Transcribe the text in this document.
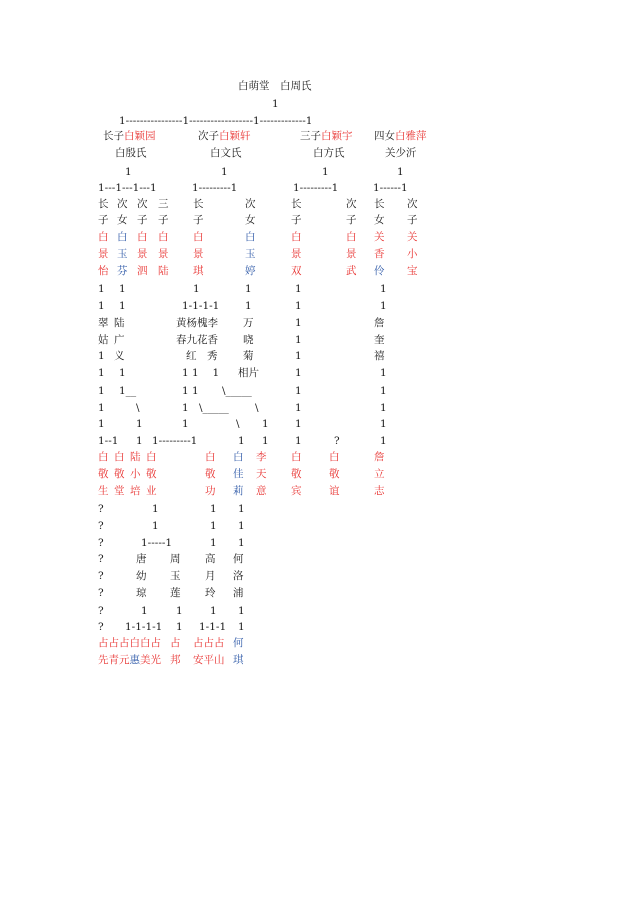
白萌堂　白周氏
1
1----------------1------------------1-------------1
长子白颖园	次子白颖轩	三子白颖宇 四女白雅萍
白殷氏	白文氏	白方氏	关少沂
1	1	1	1
1---1---1---1	1---------1	1---------1	1------1
长 次 次 三 长	次	长	次 长 次
子 女 子 子 子	女	子	子 女 子
白 白 白 白 白	白	白	白 关 关
景 玉 景 景 景	玉	景	景 香 小
怡 芬 泗 陆 琪	婷	双	武 伶 宝
1 1	1	1	1	1
1 1	1-1-1-1 1	1	1
翠 陆	黄杨槐李 万	1	詹
姑 广	春九花香 哓	1	奎
1 义	红　秀 菊	1	禧
1 1	1 1　 1 相片	1	1
1 1__	1 1 \_____	1	1
1	\	1 \_____ \	1	1
1	1	1	\ 1	1	1
1--1 1 1---------1	1 1	1	?	1
白 白 陆 白	白 白 李 白	白	詹
敬 敬 小 敬	敬 佳 天 敬	敬	立
生 堂 培 业	功 莉 意 宾	谊	志
?	1	1 1
?	1	1 1
?	1-----1	1 1
?	唐 周 高 何
?	幼 玉 月 洛
?	琼 莲 玲 浦
?	1	1	1 1
? 1-1-1-1 1 1-1-1 1
占占占白白占 占 占占占 何
先青元惠美光 邦 安平山 琪
